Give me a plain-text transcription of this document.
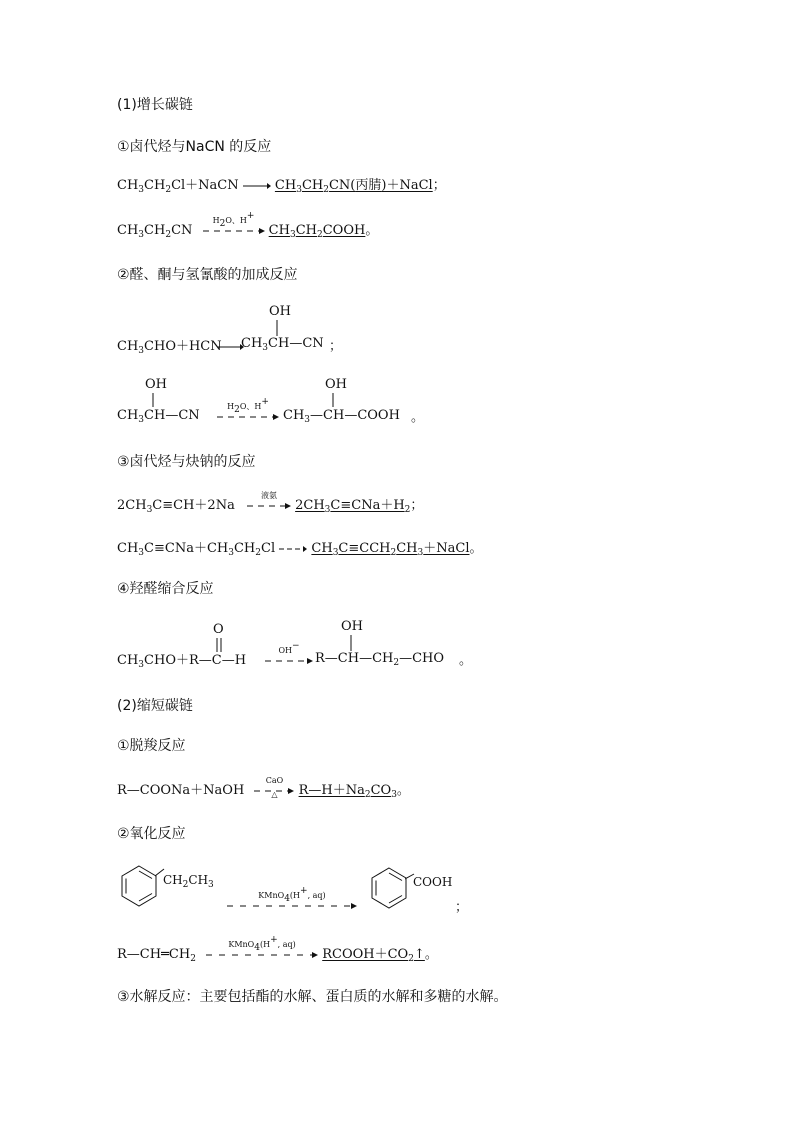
(1)增长碳链
①卤代烃与NaCN 的反应
$CH_3CH_2Cl+NaCN \to CH_3CH_2CN$(丙腈)＋NaCl；
$CH_3CH_2CN$
$H_2O$、H+
$CH_3CH_2COOH$。
②醛、酮与氢氰酸的加成反应
$CH_3CHO+HCN$
OH
$CH_3CH—CN$ ；
OH
$CH_3CH—CN$
$H_2O$、H+
OH
$CH_3—CH—COOH$ 。
③卤代烃与炔钠的反应
$2CH_3C\equiv CH+2Na$
液氨
$2CH_3C\equiv CNa+H_2$；
$CH_3C\equiv CNa+CH_3CH_2Cl$	$CH_3C\equiv CCH_2CH_3+NaCl$。
④羟醛缩合反应
O
$CH_3CHO+R—C—H$
OH−
OH
$R—CH—CH_2—CHO$ 。
(2)缩短碳链
①脱羧反应
R—COONa＋NaOH
CaO
△	$R—H+Na_2CO_3$。
②氧化反应
$CH_2CH_3$
KMnO$_4$(H+, aq)
COOH
；
$R—CH═CH_2$
KMnO$_4$(H+, aq)
$RCOOH+CO_2↑$。
③水解反应：主要包括酯的水解、蛋白质的水解和多糖的水解。
